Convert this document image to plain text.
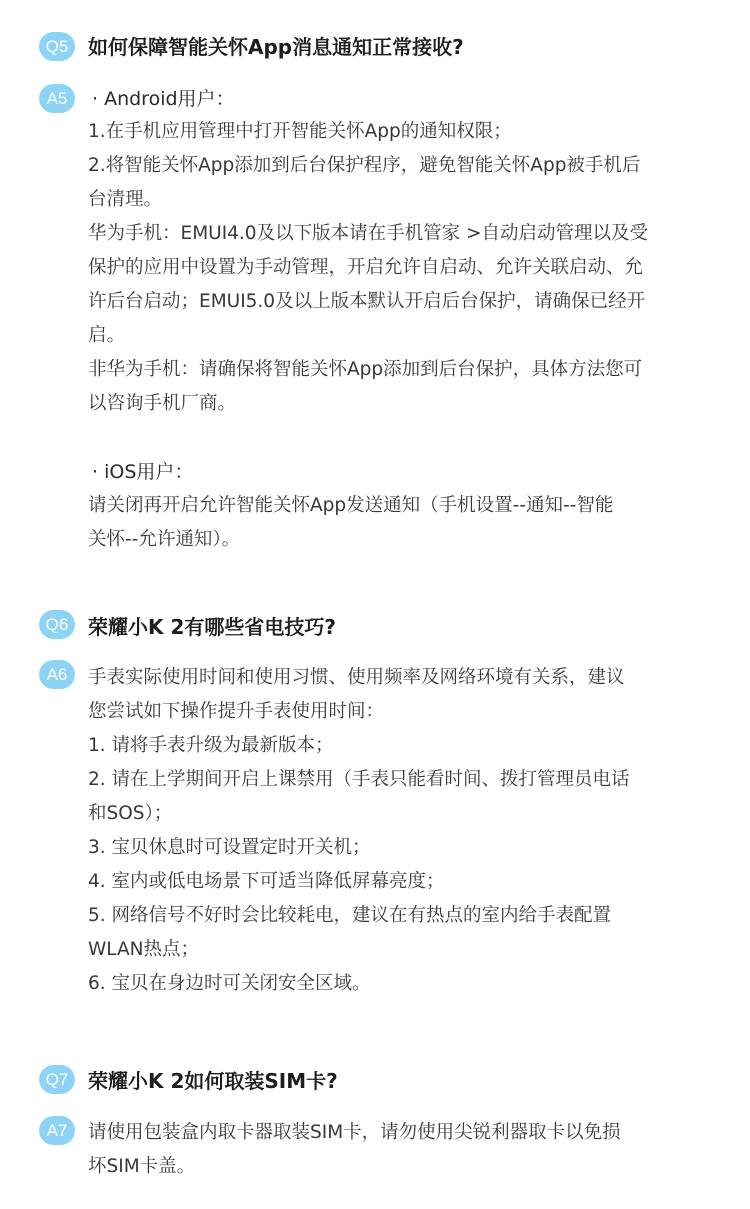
Q5 如何保障智能关怀App消息通知正常接收?
A5	· Android用户：
1.在手机应用管理中打开智能关怀App的通知权限；
2.将智能关怀App添加到后台保护程序，避免智能关怀App被手机后
台清理。
华为手机：EMUI4.0及以下版本请在手机管家 >自动启动管理以及受
保护的应用中设置为手动管理，开启允许自启动、允许关联启动、允
许后台启动；EMUI5.0及以上版本默认开启后台保护，请确保已经开
启。
非华为手机：请确保将智能关怀App添加到后台保护，具体方法您可
以咨询手机厂商。
· iOS用户：
请关闭再开启允许智能关怀App发送通知（手机设置--通知--智能
关怀--允许通知）。
Q6 荣耀小K 2有哪些省电技巧?
A6	手表实际使用时间和使用习惯、使用频率及网络环境有关系，建议
您尝试如下操作提升手表使用时间：
1. 请将手表升级为最新版本；
2. 请在上学期间开启上课禁用（手表只能看时间、拨打管理员电话
和SOS）；
3. 宝贝休息时可设置定时开关机；
4. 室内或低电场景下可适当降低屏幕亮度；
5. 网络信号不好时会比较耗电，建议在有热点的室内给手表配置
WLAN热点；
6. 宝贝在身边时可关闭安全区域。
Q7 荣耀小K 2如何取装SIM卡?
A7	请使用包装盒内取卡器取装SIM卡，请勿使用尖锐利器取卡以免损
坏SIM卡盖。
